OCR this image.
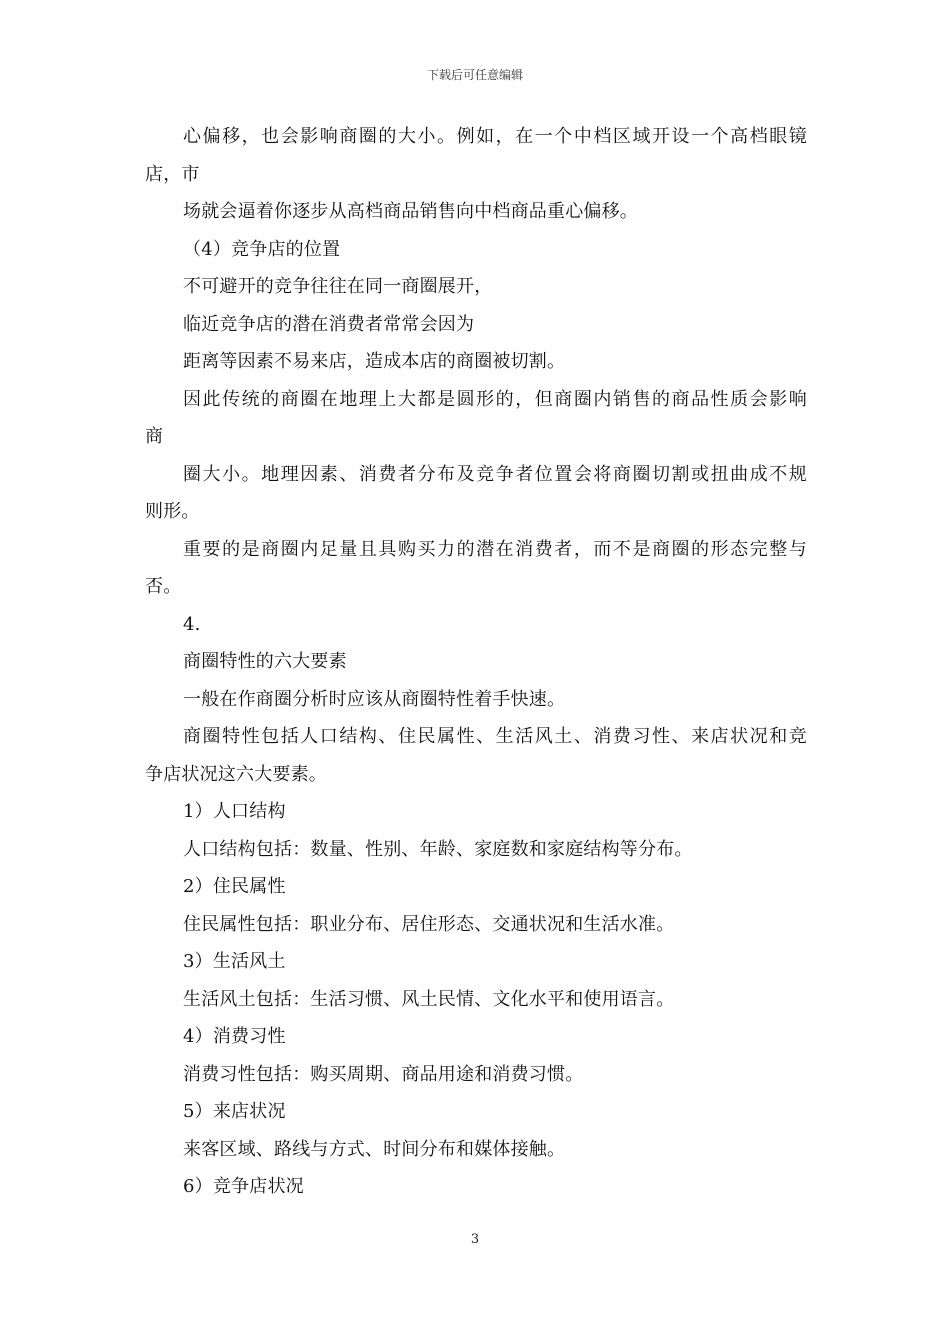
下载后可任意编辑
心偏移，也会影响商圈的大小。例如，在一个中档区域开设一个高档眼镜
店，市
场就会逼着你逐步从高档商品销售向中档商品重心偏移。
（4）竞争店的位置
不可避开的竞争往往在同一商圈展开，
临近竞争店的潜在消费者常常会因为
距离等因素不易来店，造成本店的商圈被切割。
因此传统的商圈在地理上大都是圆形的，但商圈内销售的商品性质会影响
商
圈大小。地理因素、消费者分布及竞争者位置会将商圈切割或扭曲成不规
则形。
重要的是商圈内足量且具购买力的潜在消费者，而不是商圈的形态完整与
否。
4.
商圈特性的六大要素
一般在作商圈分析时应该从商圈特性着手快速。
商圈特性包括人口结构、住民属性、生活风土、消费习性、来店状况和竞
争店状况这六大要素。
1）人口结构
人口结构包括：数量、性别、年龄、家庭数和家庭结构等分布。
2）住民属性
住民属性包括：职业分布、居住形态、交通状况和生活水准。
3）生活风土
生活风土包括：生活习惯、风土民情、文化水平和使用语言。
4）消费习性
消费习性包括：购买周期、商品用途和消费习惯。
5）来店状况
来客区域、路线与方式、时间分布和媒体接触。
6）竞争店状况
3
